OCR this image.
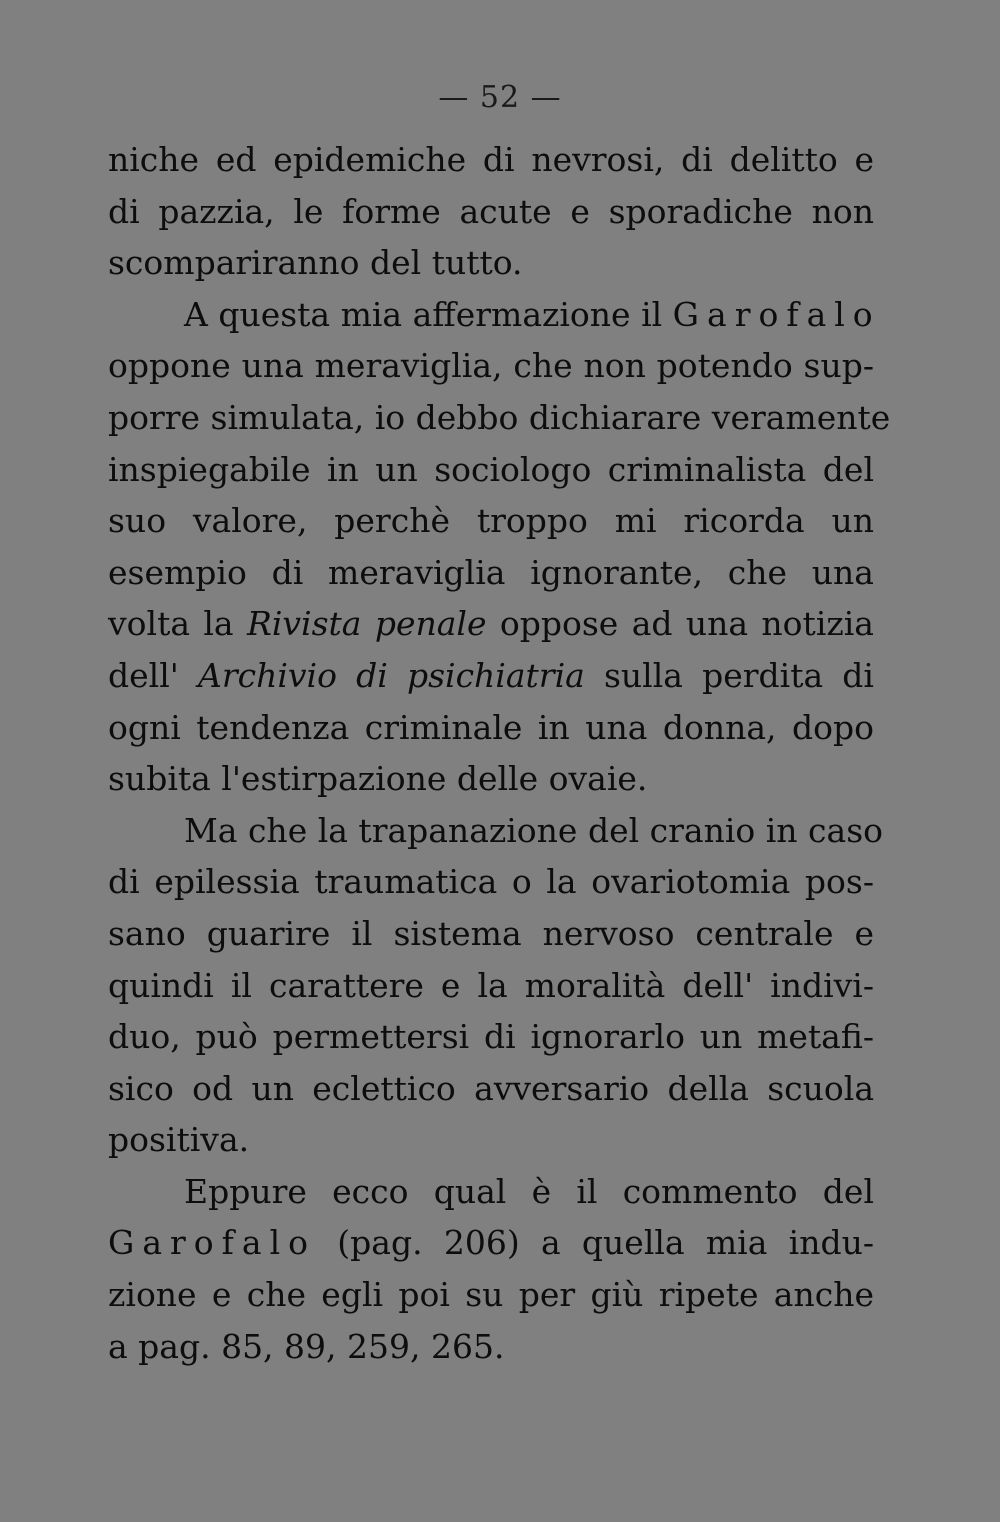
— 52 —
niche ed epidemiche di nevrosi, di delitto e
di pazzia, le forme acute e sporadiche non
scompariranno del tutto.
A questa mia affermazione il Garofalo
oppone una meraviglia, che non potendo sup-
porre simulata, io debbo dichiarare veramente
inspiegabile in un sociologo criminalista del
suo valore, perchè troppo mi ricorda un
esempio di meraviglia ignorante, che una
volta la Rivista penale oppose ad una notizia
dell' Archivio di psichiatria sulla perdita di
ogni tendenza criminale in una donna, dopo
subita l'estirpazione delle ovaie.
Ma che la trapanazione del cranio in caso
di epilessia traumatica o la ovariotomia pos-
sano guarire il sistema nervoso centrale e
quindi il carattere e la moralità dell' indivi-
duo, può permettersi di ignorarlo un metafi-
sico od un eclettico avversario della scuola
positiva.
Eppure ecco qual è il commento del
Garofalo (pag. 206) a quella mia indu-
zione e che egli poi su per giù ripete anche
a pag. 85, 89, 259, 265.
